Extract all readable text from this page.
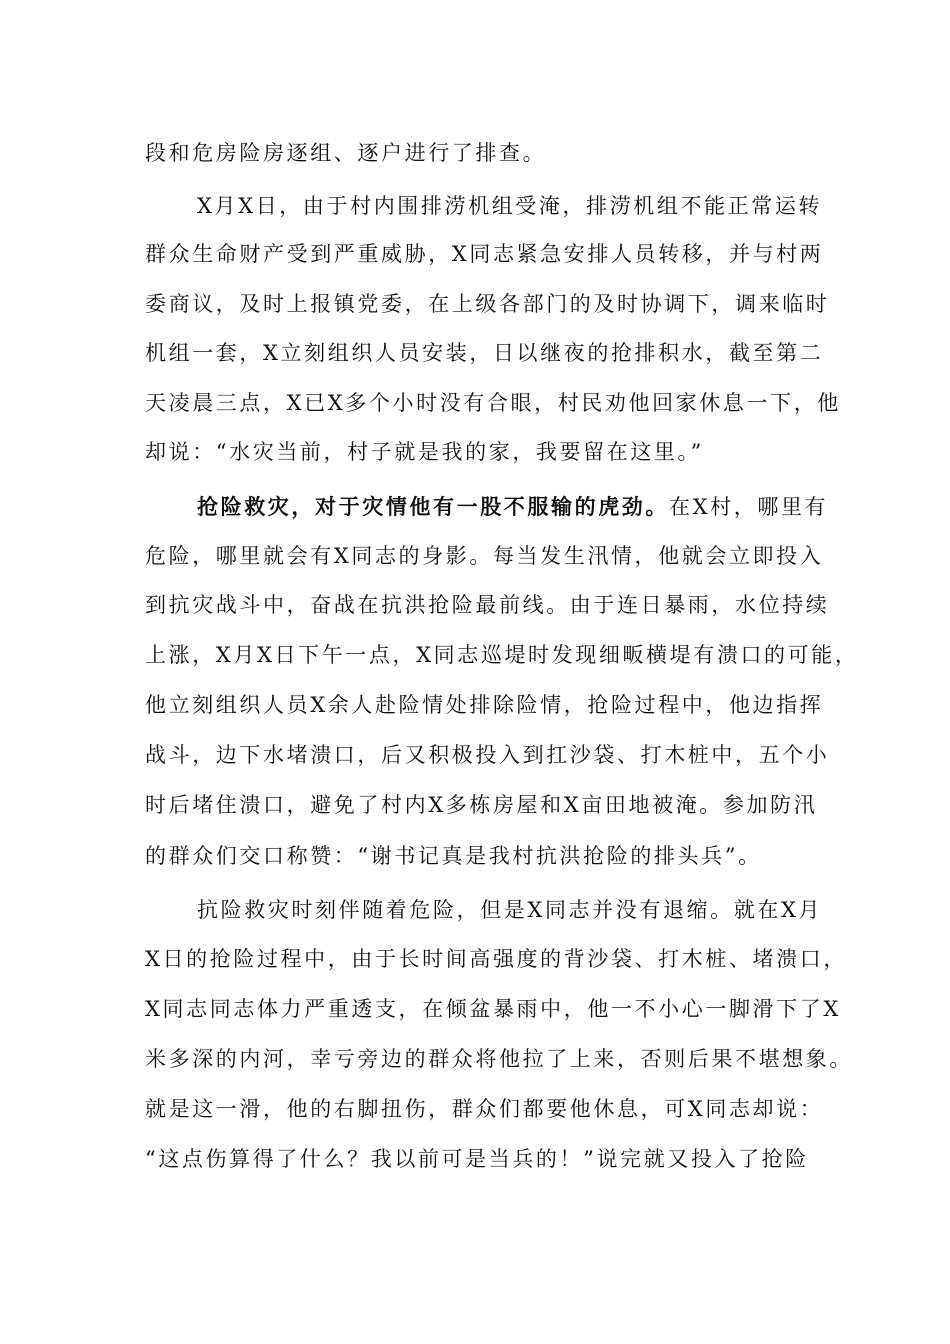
段和危房险房逐组、逐户进行了排查。
X月X日，由于村内围排涝机组受淹，排涝机组不能正常运转
群众生命财产受到严重威胁，X同志紧急安排人员转移，并与村两
委商议，及时上报镇党委，在上级各部门的及时协调下，调来临时
机组一套，X立刻组织人员安装，日以继夜的抢排积水，截至第二
天凌晨三点，X已X多个小时没有合眼，村民劝他回家休息一下，他
却说：“水灾当前，村子就是我的家，我要留在这里。”
抢险救灾，对于灾情他有一股不服输的虎劲。在X村，哪里有
危险，哪里就会有X同志的身影。每当发生汛情，他就会立即投入
到抗灾战斗中，奋战在抗洪抢险最前线。由于连日暴雨，水位持续
上涨，X月X日下午一点，X同志巡堤时发现细畈横堤有溃口的可能，
他立刻组织人员X余人赴险情处排除险情，抢险过程中，他边指挥
战斗，边下水堵溃口，后又积极投入到扛沙袋、打木桩中，五个小
时后堵住溃口，避免了村内X多栋房屋和X亩田地被淹。参加防汛
的群众们交口称赞：“谢书记真是我村抗洪抢险的排头兵”。
抗险救灾时刻伴随着危险，但是X同志并没有退缩。就在X月
X日的抢险过程中，由于长时间高强度的背沙袋、打木桩、堵溃口，
X同志同志体力严重透支，在倾盆暴雨中，他一不小心一脚滑下了X
米多深的内河，幸亏旁边的群众将他拉了上来，否则后果不堪想象。
就是这一滑，他的右脚扭伤，群众们都要他休息，可X同志却说：
“这点伤算得了什么？我以前可是当兵的！”说完就又投入了抢险
